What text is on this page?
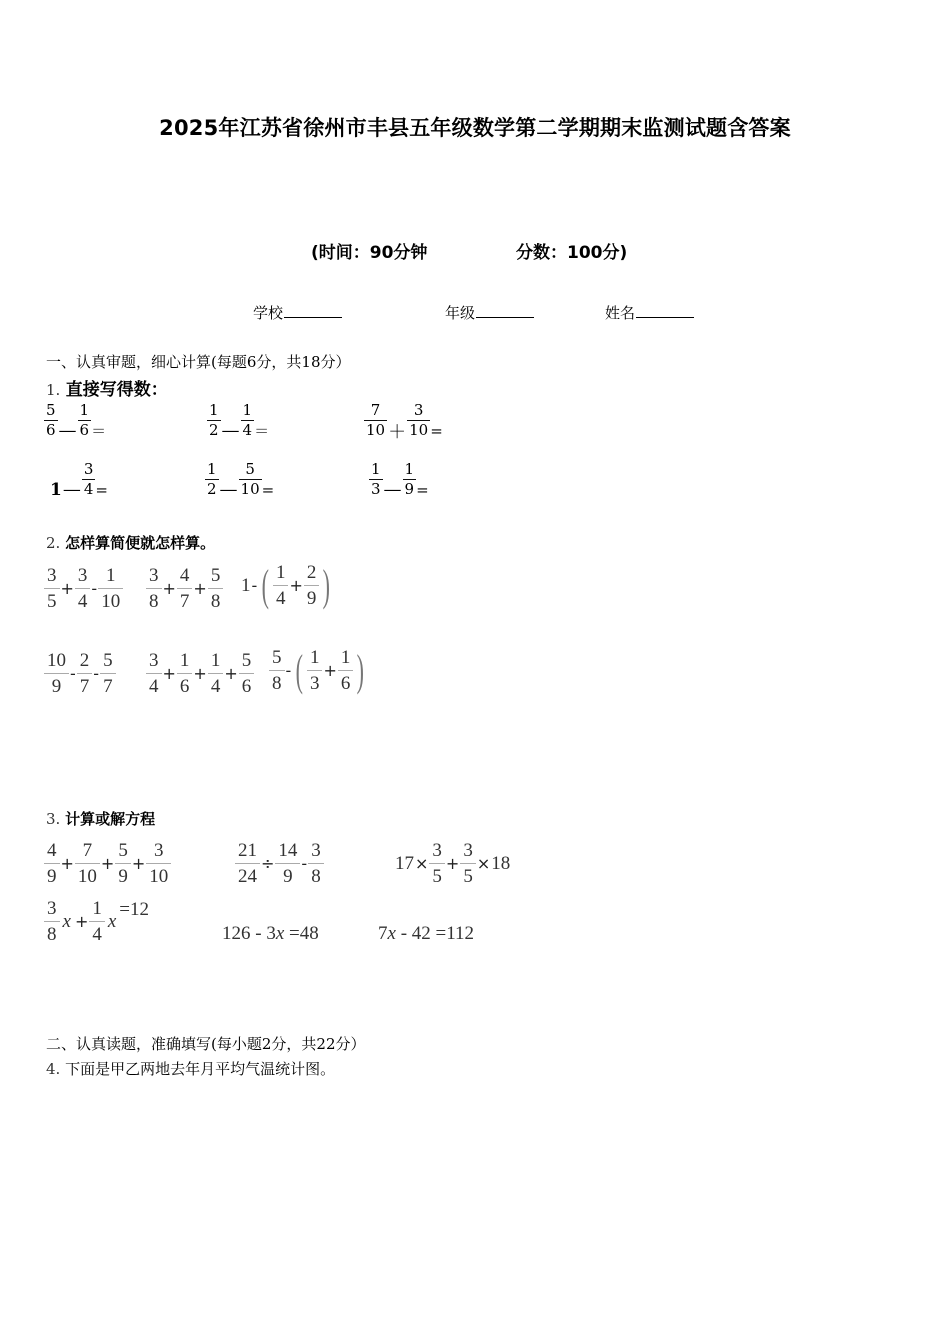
2025年江苏省徐州市丰县五年级数学第二学期期末监测试题含答案
(时间：90分钟	分数：100分)
学校	年级	姓名
一、认真审题，细心计算(每题6分，共18分）
1. 直接写得数：
$\frac{5}{6}$ — $\frac{1}{6}$ ＝	$\frac{1}{2}$ — $\frac{1}{4}$ ＝	$\frac{7}{10} + \frac{3}{10}$ =
1 — $\frac{3}{4}$ =	$\frac{1}{2}$ — $\frac{5}{10}$ =	$\frac{1}{3}$ — $\frac{1}{9}$ =
2. 怎样算简便就怎样算。
$\frac{3}{5} + \frac{3}{4} - \frac{1}{10} \frac{3}{8} + \frac{4}{7} + \frac{5}{8} 1$ - ( $\frac{1}{4} + \frac{2}{9}$ )
$\frac{10}{9} - \frac{2}{7} - \frac{5}{7} \frac{3}{4} + \frac{1}{6} + \frac{1}{4} + \frac{5}{6} \frac{5}{8}$ - ( $\frac{1}{3} + \frac{1}{6}$ )
3. 计算或解方程
$\frac{4}{9} + \frac{7}{10} + \frac{5}{9} + \frac{3}{10}$	$\frac{21}{24} \div \frac{14}{9} - \frac{3}{8}$	$17 \times \frac{3}{5} + \frac{3}{5} \times 18$
$\frac{3}{8}$ $x + \frac{1}{4}$ x
=12
126 - 3x =48	7x - 42 =112
二、认真读题，准确填写(每小题2分，共22分）
4. 下面是甲乙两地去年月平均气温统计图。
